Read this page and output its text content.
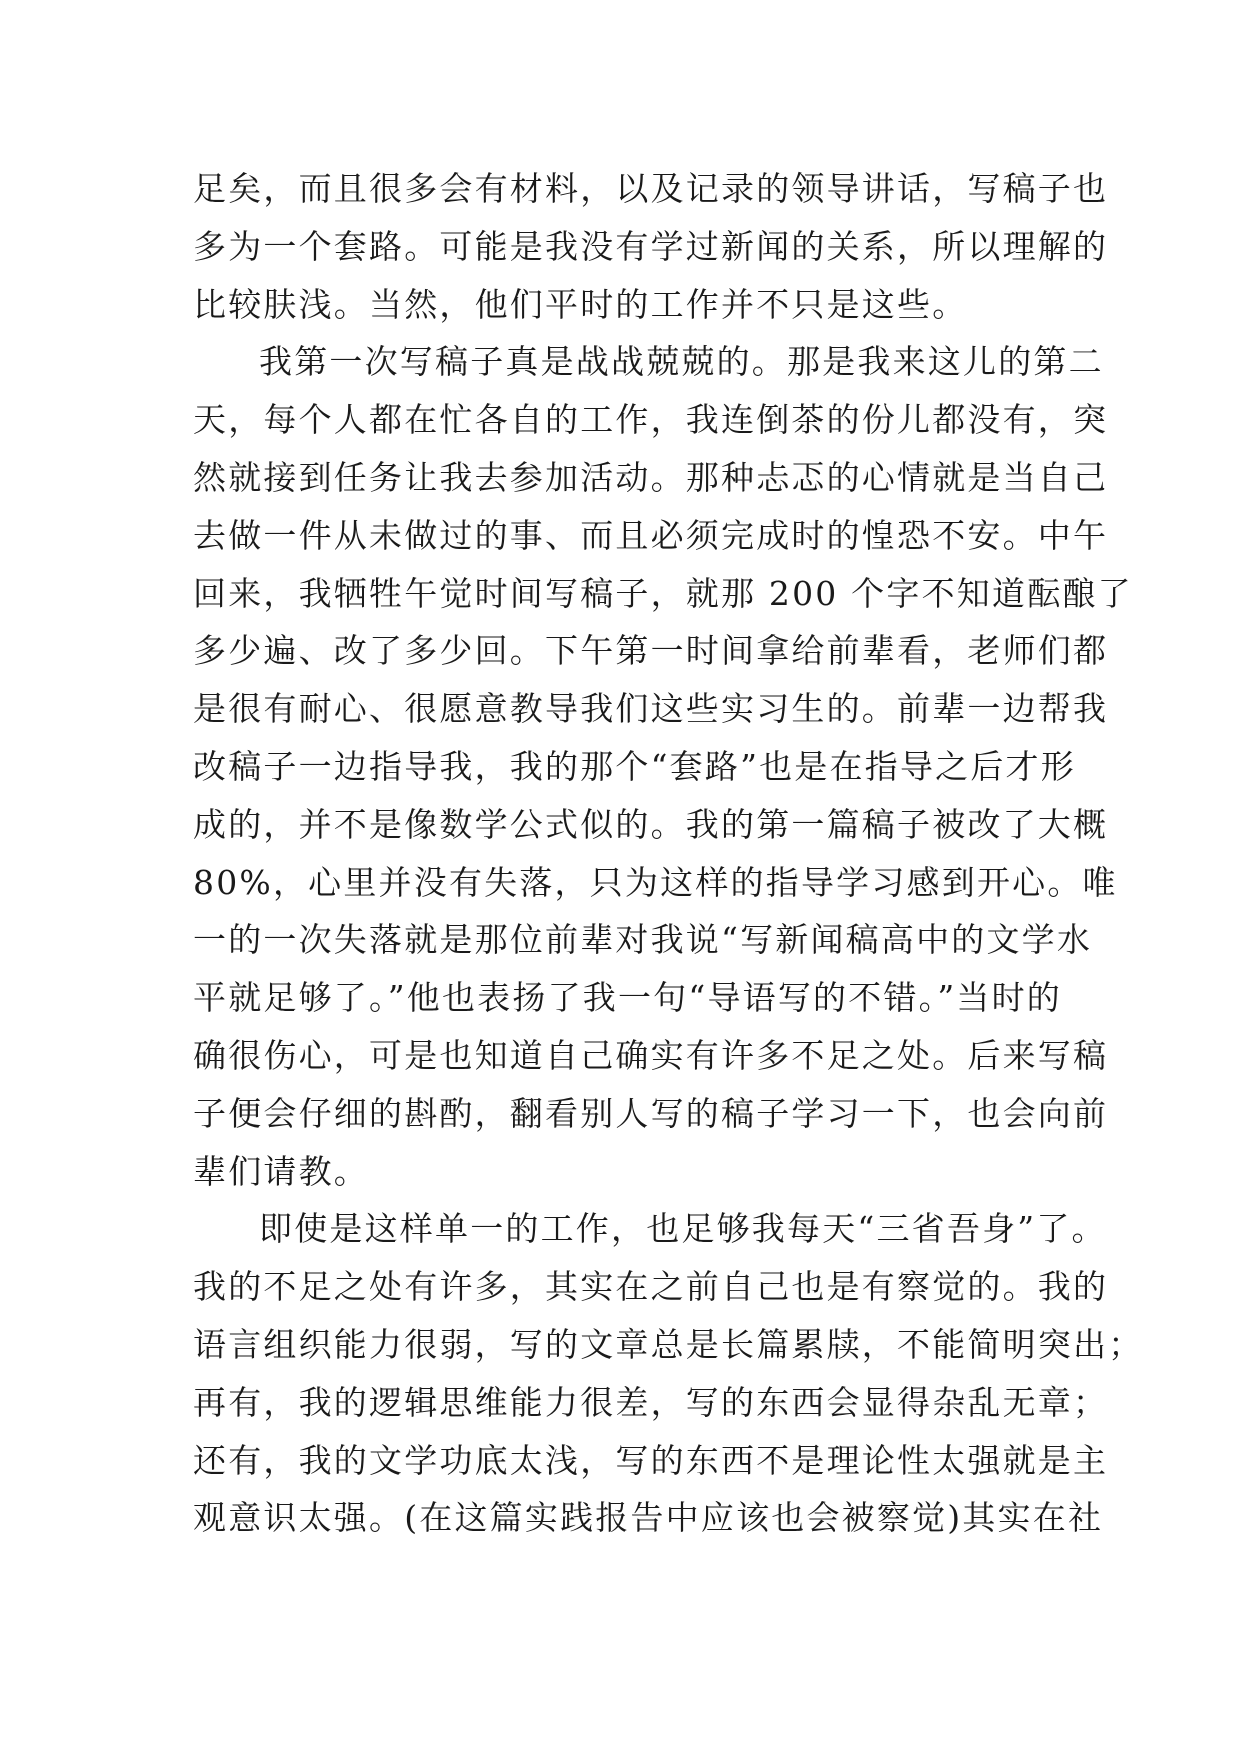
足矣，而且很多会有材料，以及记录的领导讲话，写稿子也
多为一个套路。可能是我没有学过新闻的关系，所以理解的
比较肤浅。当然，他们平时的工作并不只是这些。
我第一次写稿子真是战战兢兢的。那是我来这儿的第二
天，每个人都在忙各自的工作，我连倒茶的份儿都没有，突
然就接到任务让我去参加活动。那种忐忑的心情就是当自己
去做一件从未做过的事、而且必须完成时的惶恐不安。中午
回来，我牺牲午觉时间写稿子，就那 200 个字不知道酝酿了
多少遍、改了多少回。下午第一时间拿给前辈看，老师们都
是很有耐心、很愿意教导我们这些实习生的。前辈一边帮我
改稿子一边指导我，我的那个“套路”也是在指导之后才形
成的，并不是像数学公式似的。我的第一篇稿子被改了大概
80%，心里并没有失落，只为这样的指导学习感到开心。唯
一的一次失落就是那位前辈对我说“写新闻稿高中的文学水
平就足够了。”他也表扬了我一句“导语写的不错。”当时的
确很伤心，可是也知道自己确实有许多不足之处。后来写稿
子便会仔细的斟酌，翻看别人写的稿子学习一下，也会向前
辈们请教。
即使是这样单一的工作，也足够我每天“三省吾身”了。
我的不足之处有许多，其实在之前自己也是有察觉的。我的
语言组织能力很弱，写的文章总是长篇累牍，不能简明突出；
再有，我的逻辑思维能力很差，写的东西会显得杂乱无章；
还有，我的文学功底太浅，写的东西不是理论性太强就是主
观意识太强。(在这篇实践报告中应该也会被察觉)其实在社
